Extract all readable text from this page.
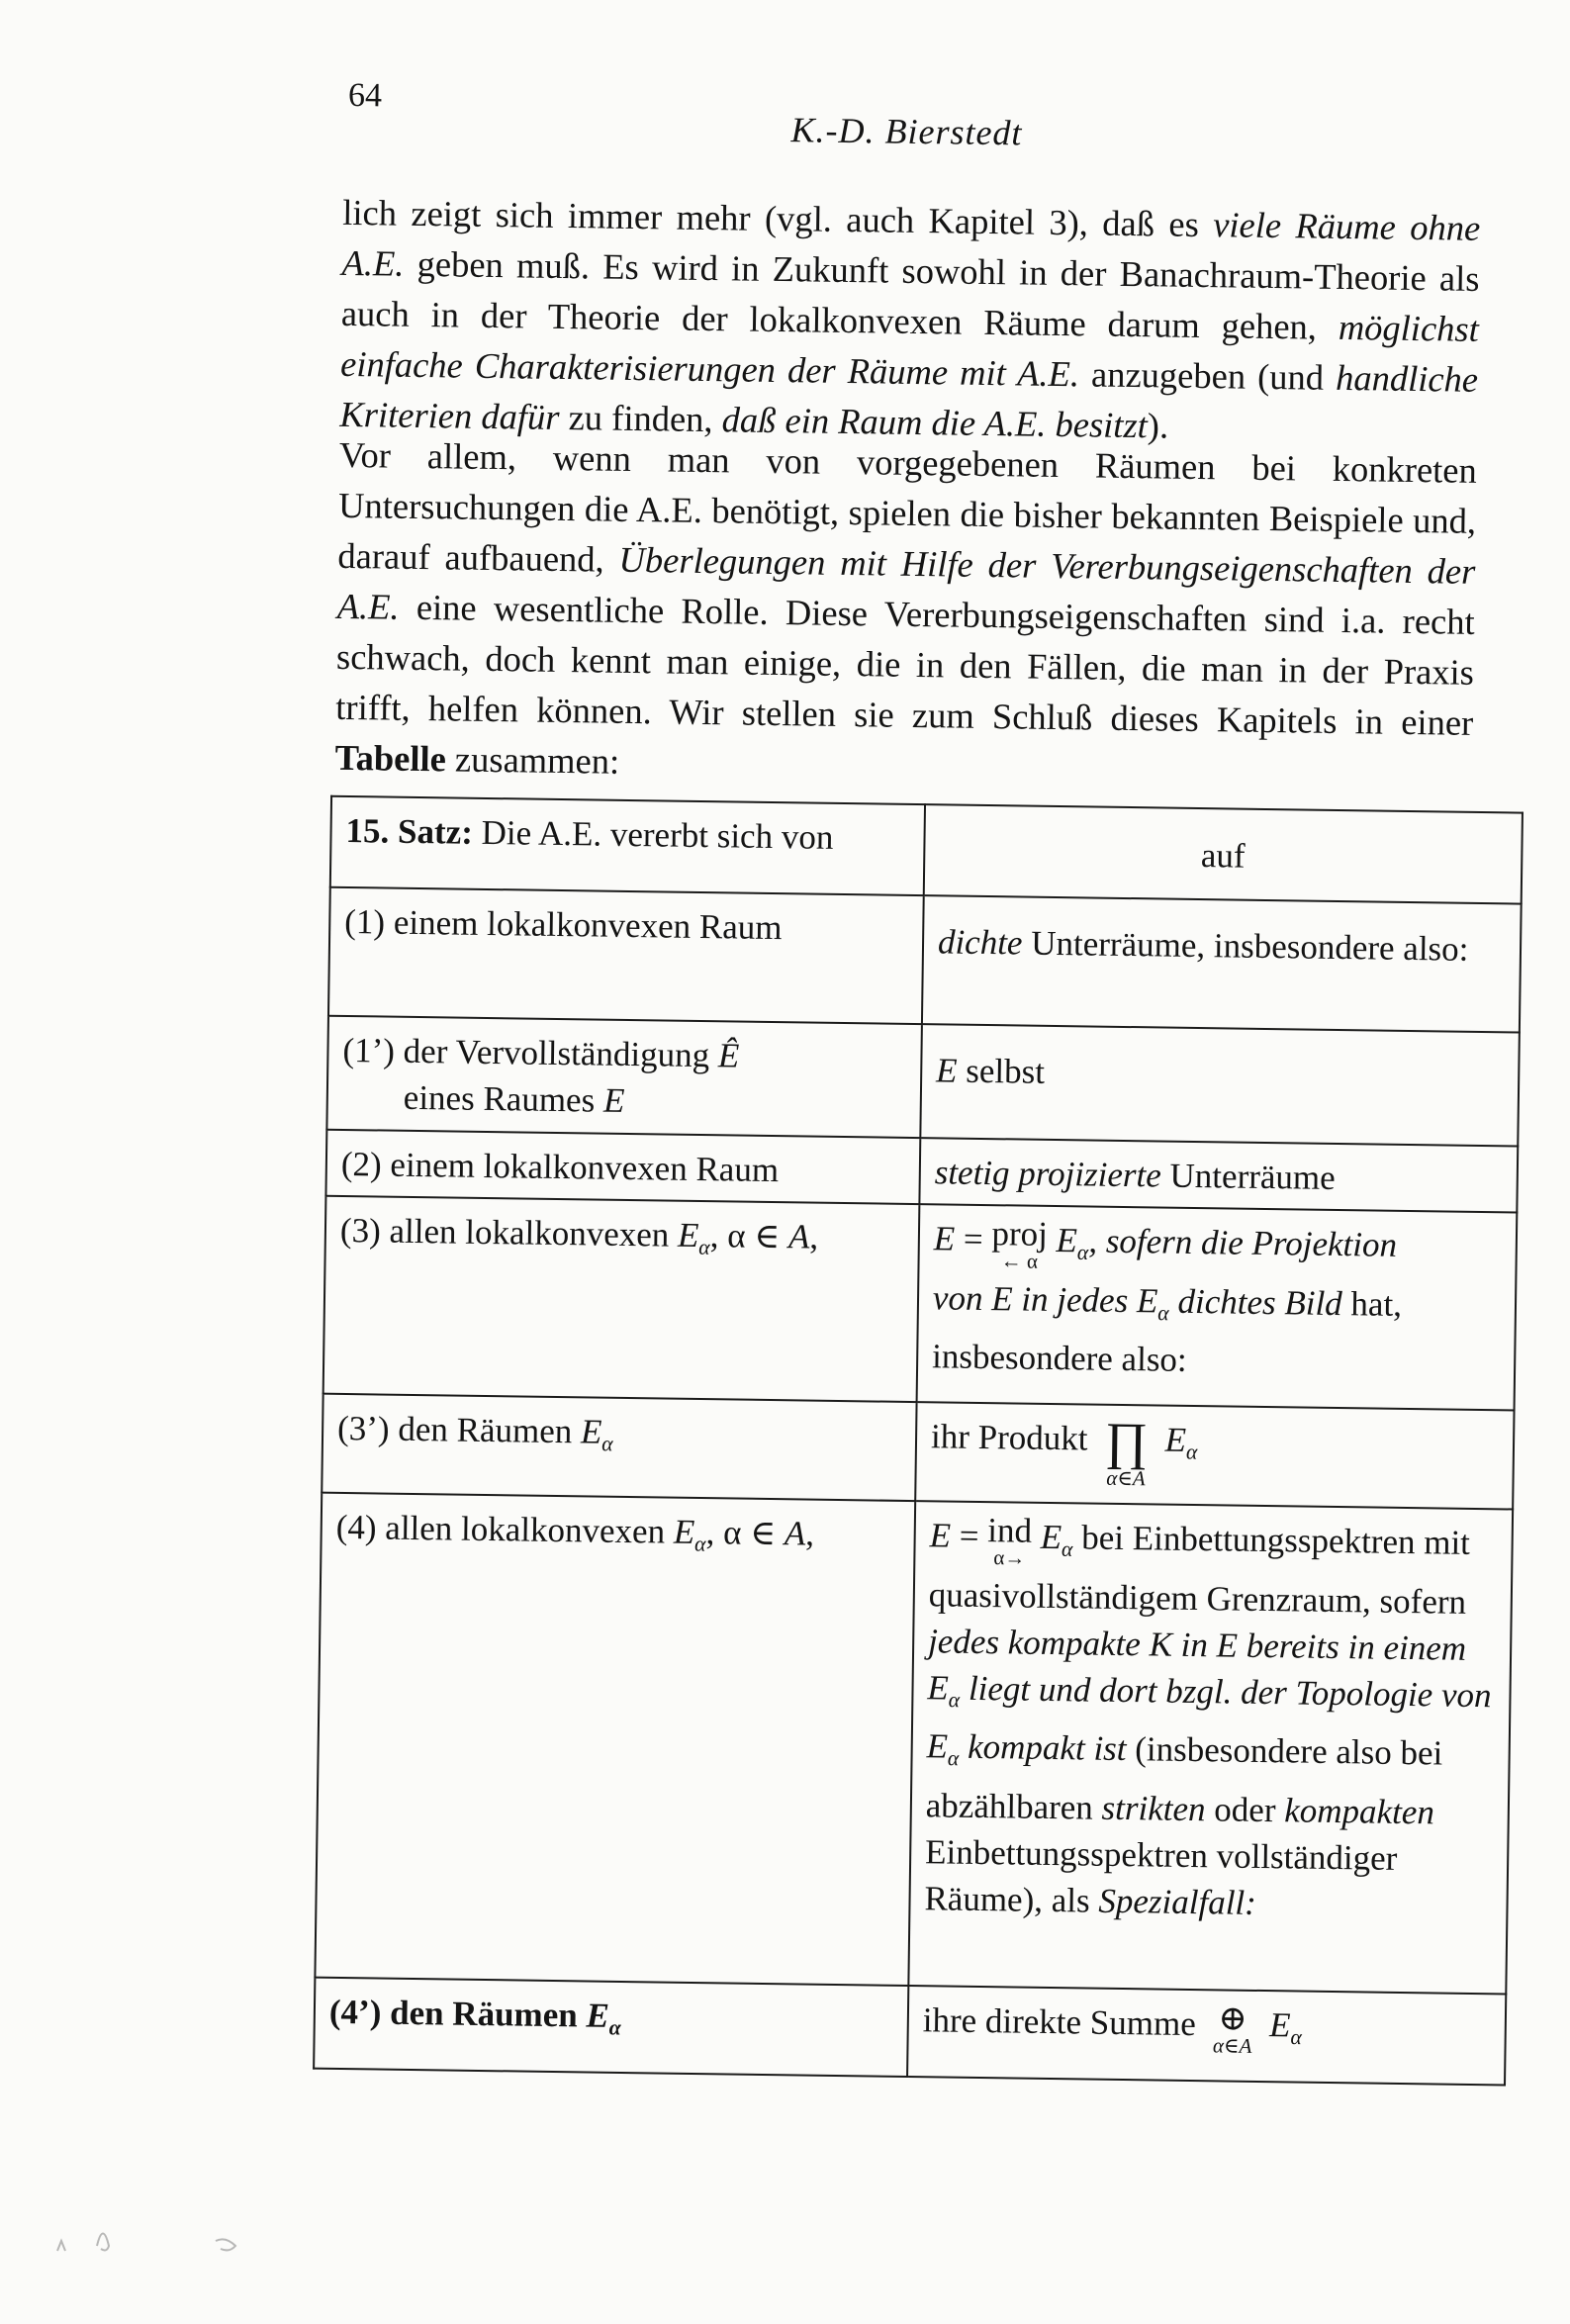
64
K.-D. Bierstedt

lich zeigt sich immer mehr (vgl. auch Kapitel 3), daß es viele Räume ohne A.E. geben muß. Es wird in Zukunft sowohl in der Banachraum-Theorie als auch in der Theorie der lokalkonvexen Räume darum gehen, möglichst einfache Charakterisierungen der Räume mit A.E. anzugeben (und handliche Kriterien dafür zu finden, daß ein Raum die A.E. besitzt).

Vor allem, wenn man von vorgegebenen Räumen bei konkreten Untersuchungen die A.E. benötigt, spielen die bisher bekannten Beispiele und, darauf aufbauend, Überlegungen mit Hilfe der Vererbungseigenschaften der A.E. eine wesentliche Rolle. Diese Vererbungseigenschaften sind i.a. recht schwach, doch kennt man einige, die in den Fällen, die man in der Praxis trifft, helfen können. Wir stellen sie zum Schluß dieses Kapitels in einer Tabelle zusammen:

15. Satz: Die A.E. vererbt sich von	auf
(1) einem lokalkonvexen Raum	dichte Unterräume, insbesondere also:

(1’) der Vervollständigung Ê
eines Raumes E	E selbst
(2) einem lokalkonvexen Raum	stetig projizierte Unterräume
(3) allen lokalkonvexen $E_\alpha$, α ∈ A,	E = proj
← α
$E_\alpha$, sofern die Projektion
von E in jedes $E_\alpha$ dichtes Bild hat, insbesondere also:

(3’) den Räumen $E_\alpha$	ihr Produkt ∏
α∈A
$E_\alpha$
(4) allen lokalkonvexen $E_\alpha$, α ∈ A,	E = ind
α→
$E_\alpha$ bei Einbettungsspektren mit quasivollständigem Grenzraum, sofern jedes kompakte K in E bereits in einem $E_\alpha$ liegt und dort bzgl. der Topologie von $E_\alpha$ kompakt ist (insbesondere also bei abzählbaren strikten oder kompakten Einbettungsspektren vollständiger Räume), als Spezialfall:
(4’) den Räumen $E_\alpha$	ihre direkte Summe ⊕
α∈A
$E_\alpha$
